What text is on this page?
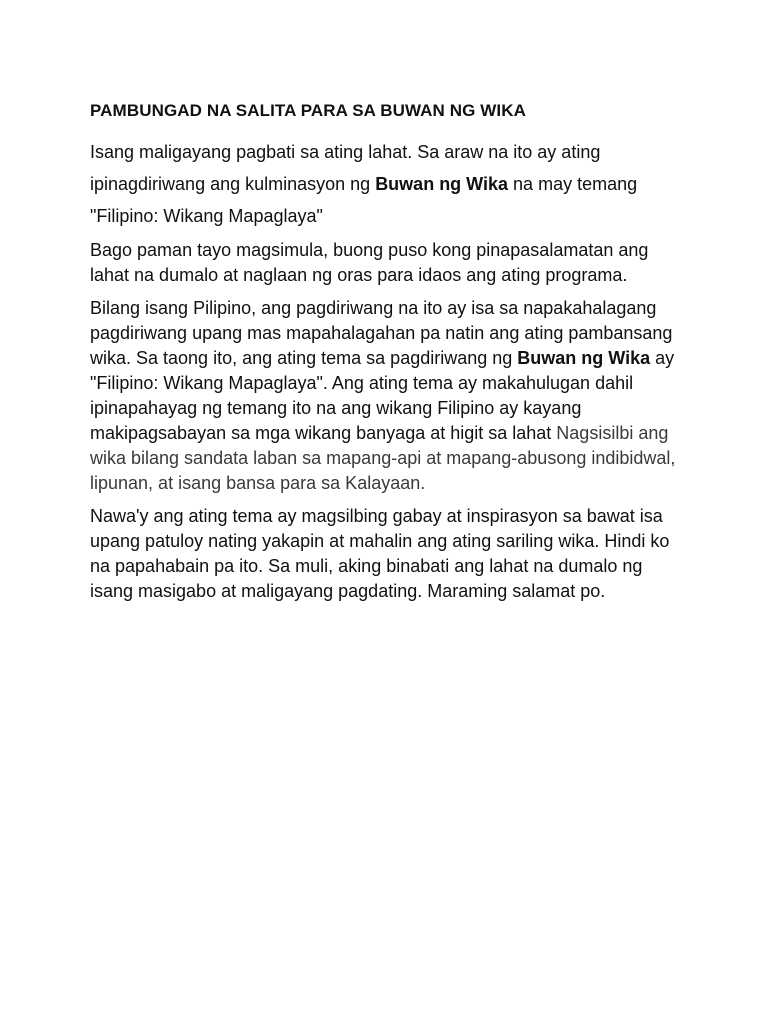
PAMBUNGAD NA SALITA PARA SA BUWAN NG WIKA

Isang maligayang pagbati sa ating lahat. Sa araw na ito ay ating ipinagdiriwang ang kulminasyon ng Buwan ng Wika na may temang "Filipino: Wikang Mapaglaya"

Bago paman tayo magsimula, buong puso kong pinapasalamatan ang lahat na dumalo at naglaan ng oras para idaos ang ating programa.

Bilang isang Pilipino, ang pagdiriwang na ito ay isa sa napakahalagang pagdiriwang upang mas mapahalagahan pa natin ang ating pambansang wika. Sa taong ito, ang ating tema sa pagdiriwang ng Buwan ng Wika ay "Filipino: Wikang Mapaglaya". Ang ating tema ay makahulugan dahil ipinapahayag ng temang ito na ang wikang Filipino ay kayang makipagsabayan sa mga wikang banyaga at higit sa lahat Nagsisilbi ang wika bilang sandata laban sa mapang-api at mapang-abusong indibidwal, lipunan, at isang bansa para sa Kalayaan.

Nawa'y ang ating tema ay magsilbing gabay at inspirasyon sa bawat isa upang patuloy nating yakapin at mahalin ang ating sariling wika. Hindi ko na papahabain pa ito. Sa muli, aking binabati ang lahat na dumalo ng isang masigabo at maligayang pagdating. Maraming salamat po.
